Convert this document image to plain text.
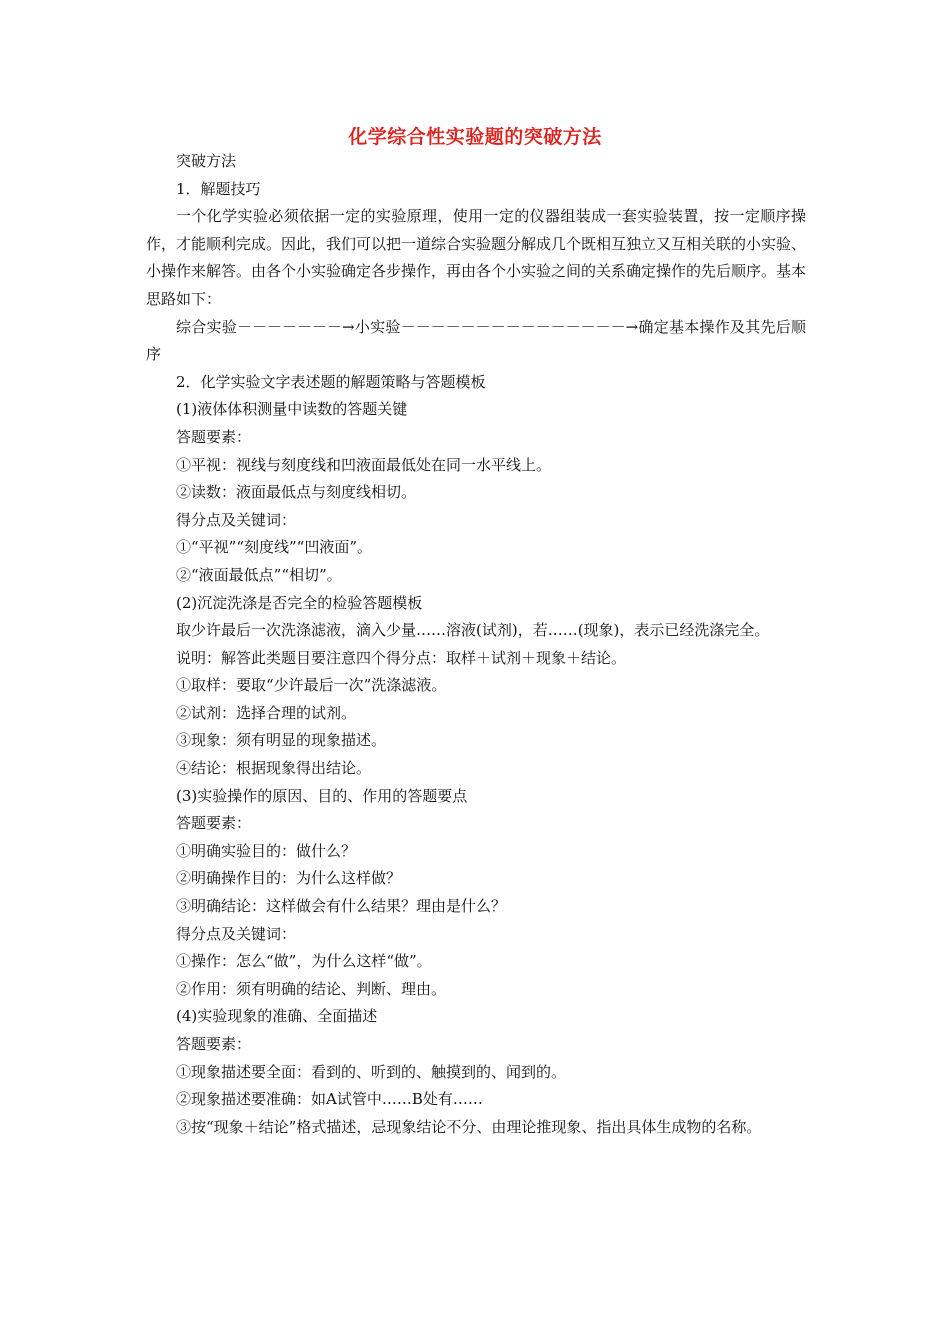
化学综合性实验题的突破方法

突破方法

1．解题技巧

一个化学实验必须依据一定的实验原理，使用一定的仪器组装成一套实验装置，按一定顺序操作，才能顺利完成。因此，我们可以把一道综合实验题分解成几个既相互独立又互相关联的小实验、小操作来解答。由各个小实验确定各步操作，再由各个小实验之间的关系确定操作的先后顺序。基本思路如下：

综合实验－－－－－－－→小实验－－－－－－－－－－－－－－－→确定基本操作及其先后顺序

2．化学实验文字表述题的解题策略与答题模板

(1)液体体积测量中读数的答题关键

答题要素：

①平视：视线与刻度线和凹液面最低处在同一水平线上。

②读数：液面最低点与刻度线相切。

得分点及关键词：

①“平视”“刻度线”“凹液面”。

②“液面最低点”“相切”。

(2)沉淀洗涤是否完全的检验答题模板

取少许最后一次洗涤滤液，滴入少量……溶液(试剂)，若……(现象)，表示已经洗涤完全。

说明：解答此类题目要注意四个得分点：取样＋试剂＋现象＋结论。

①取样：要取“少许最后一次”洗涤滤液。

②试剂：选择合理的试剂。

③现象：须有明显的现象描述。

④结论：根据现象得出结论。

(3)实验操作的原因、目的、作用的答题要点

答题要素：

①明确实验目的：做什么？

②明确操作目的：为什么这样做？

③明确结论：这样做会有什么结果？理由是什么？

得分点及关键词：

①操作：怎么“做”，为什么这样“做”。

②作用：须有明确的结论、判断、理由。

(4)实验现象的准确、全面描述

答题要素：

①现象描述要全面：看到的、听到的、触摸到的、闻到的。

②现象描述要准确：如A试管中……B处有……

③按“现象＋结论”格式描述，忌现象结论不分、由理论推现象、指出具体生成物的名称。
